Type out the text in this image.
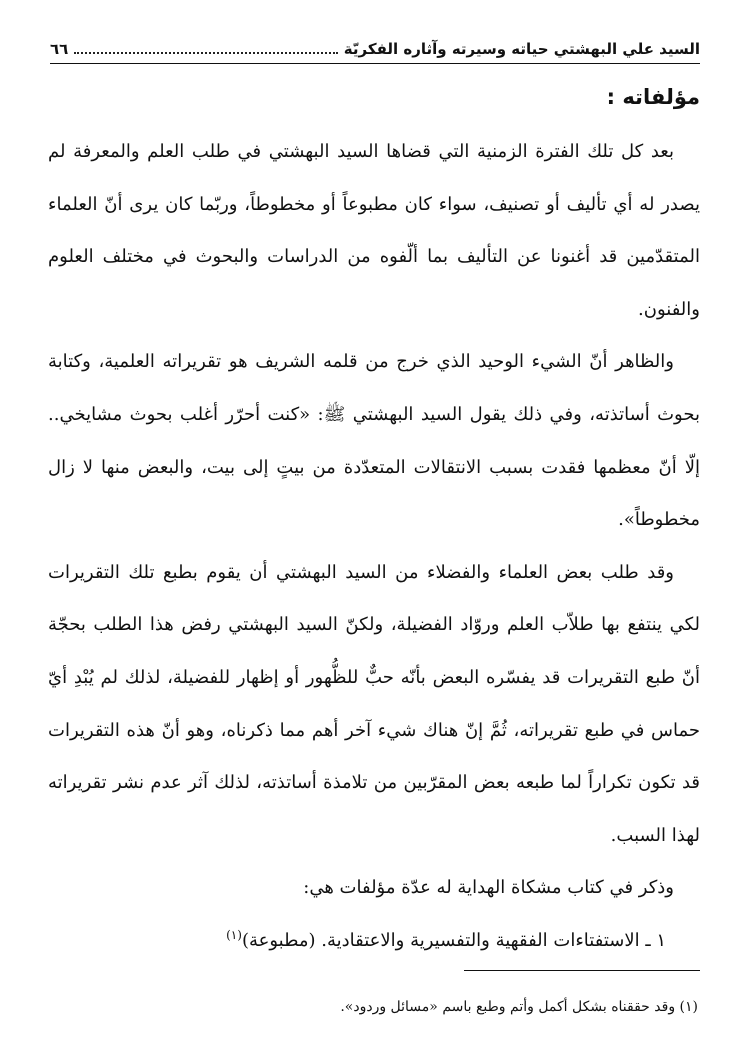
السيد علي البهشتي حياته وسيرته وآثاره الفكريّة
٦٦
مؤلفاته :

بعد كل تلك الفترة الزمنية التي قضاها السيد البهشتي في طلب العلم والمعرفة لم يصدر له أي تأليف أو تصنيف، سواء كان مطبوعاً أو مخطوطاً، وربّما كان يرى أنّ العلماء المتقدّمين قد أغنونا عن التأليف بما ألّفوه من الدراسات والبحوث في مختلف العلوم والفنون.

والظاهر أنّ الشيء الوحيد الذي خرج من قلمه الشريف هو تقريراته العلمية، وكتابة بحوث أساتذته، وفي ذلك يقول السيد البهشتي ﷺ: «كنت أحرّر أغلب بحوث مشايخي.. إلّا أنّ معظمها فقدت بسبب الانتقالات المتعدّدة من بيتٍ إلى بيت، والبعض منها لا زال مخطوطاً».

وقد طلب بعض العلماء والفضلاء من السيد البهشتي أن يقوم بطبع تلك التقريرات لكي ينتفع بها طلاّب العلم وروّاد الفضيلة، ولكنّ السيد البهشتي رفض هذا الطلب بحجّة أنّ طبع التقريرات قد يفسّره البعض بأنّه حبٌّ للظُّهور أو إظهار للفضيلة، لذلك لم يُبْدِ أيّ حماس في طبع تقريراته، ثُمَّ إنّ هناك شيء آخر أهم مما ذكرناه، وهو أنّ هذه التقريرات قد تكون تكراراً لما طبعه بعض المقرّبين من تلامذة أساتذته، لذلك آثر عدم نشر تقريراته لهذا السبب.

وذكر في كتاب مشكاة الهداية له عدّة مؤلفات هي:

١ ـ الاستفتاءات الفقهية والتفسيرية والاعتقادية. (مطبوعة)$^{(١)}$

(١) وقد حققناه بشكل أكمل وأتم وطبع باسم «مسائل وردود».
